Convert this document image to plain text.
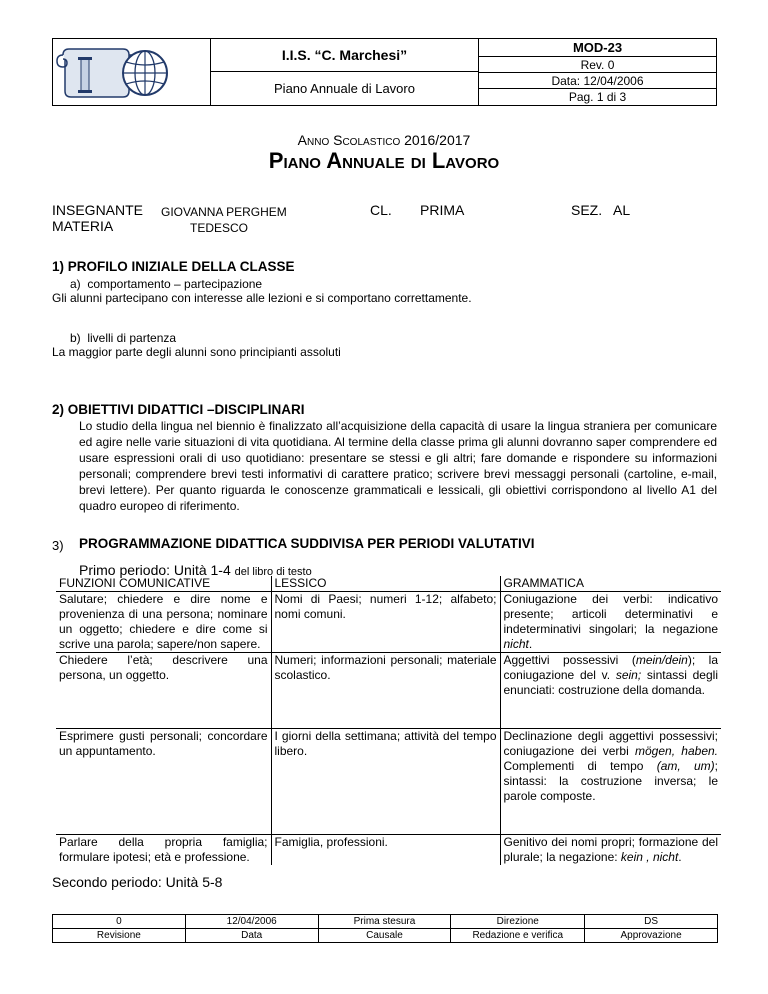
I.I.S. “C. Marchesi”
Piano Annuale di Lavoro
MOD-23
Rev. 0
Data: 12/04/2006
Pag. 1 di 3
Anno Scolastico 2016/2017
Piano Annuale di Lavoro
INSEGNANTE GIOVANNA PERGHEM	CL. PRIMA	SEZ. AL
MATERIA	TEDESCO
1) PROFILO INIZIALE DELLA CLASSE
a)  comportamento – partecipazione
Gli alunni partecipano con interesse alle lezioni e si comportano correttamente.
b)  livelli di partenza
La maggior parte degli alunni sono principianti assoluti
2) OBIETTIVI DIDATTICI –DISCIPLINARI
Lo studio della lingua nel biennio è finalizzato all’acquisizione della capacità di usare la lingua straniera per comunicare ed agire nelle varie situazioni di vita quotidiana. Al termine della classe prima gli alunni dovranno saper comprendere ed usare espressioni orali di uso quotidiano: presentare se stessi e gli altri; fare domande e rispondere su informazioni personali; comprendere brevi testi informativi di carattere pratico; scrivere brevi messaggi personali (cartoline, e-mail, brevi lettere). Per quanto riguarda le conoscenze grammaticali e lessicali, gli obiettivi corrispondono al livello A1 del quadro europeo di riferimento.
3) PROGRAMMAZIONE DIDATTICA SUDDIVISA PER PERIODI VALUTATIVI
Primo periodo: Unità 1-4 del libro di testo
FUNZIONI COMUNICATIVE	LESSICO	GRAMMATICA
Salutare; chiedere e dire nome e provenienza di una persona; nominare un oggetto; chiedere e dire come si scrive una parola; sapere/non sapere.	Nomi di Paesi; numeri 1-12; alfabeto; nomi comuni.	Coniugazione dei verbi: indicativo presente; articoli determinativi e indeterminativi singolari; la negazione nicht.
Chiedere l’età; descrivere una persona, un oggetto.	Numeri; informazioni personali; materiale scolastico.	Aggettivi possessivi (mein/dein); la coniugazione del v. sein; sintassi degli enunciati: costruzione della domanda.
Esprimere gusti personali; concordare un appuntamento.	I giorni della settimana; attività del tempo libero.	Declinazione degli aggettivi possessivi; coniugazione dei verbi mögen, haben. Complementi di tempo (am, um); sintassi: la costruzione inversa; le parole composte.
Parlare della propria famiglia; formulare ipotesi; età e professione.	Famiglia, professioni.	Genitivo dei nomi propri; formazione del plurale; la negazione: kein , nicht.
Secondo periodo: Unità 5-8
0	12/04/2006	Prima stesura	Direzione	DS
Revisione	Data	Causale	Redazione e verifica	Approvazione
